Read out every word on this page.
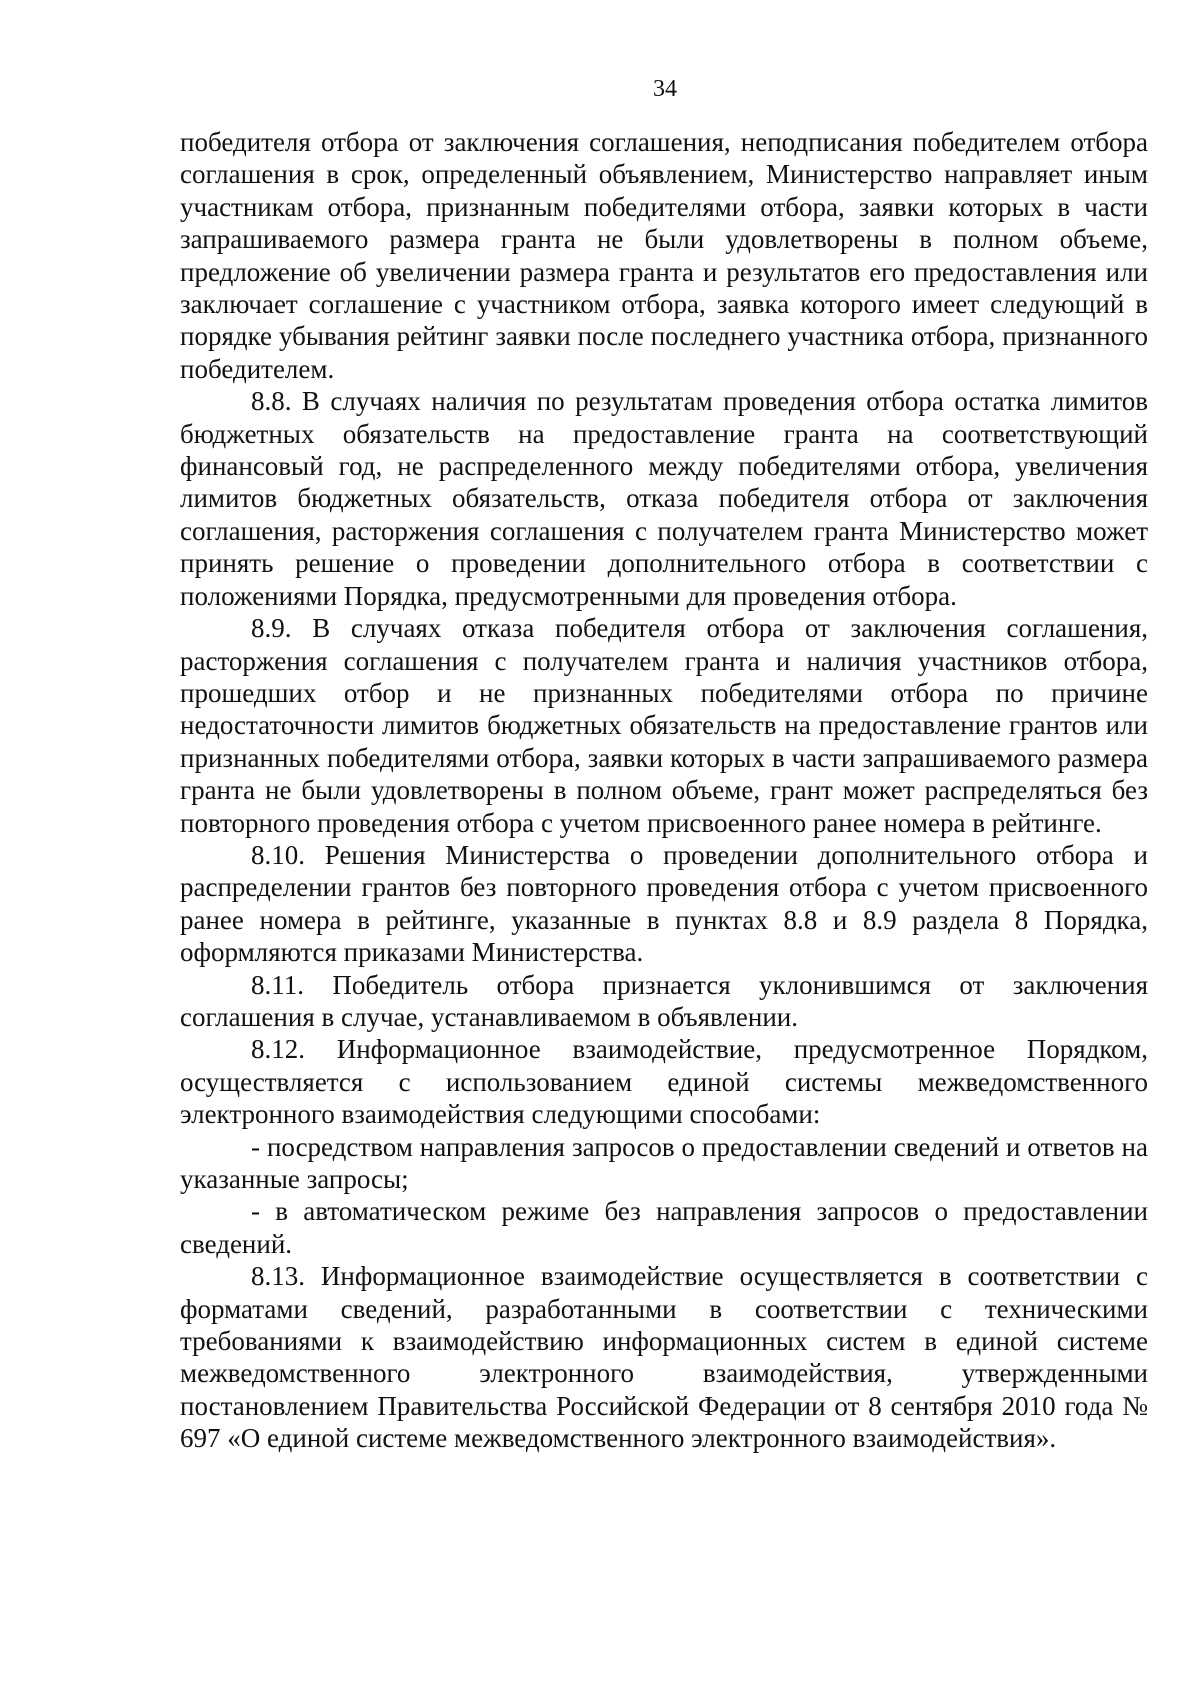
34

победителя отбора от заключения соглашения, неподписания победителем отбора соглашения в срок, определенный объявлением, Министерство направляет иным участникам отбора, признанным победителями отбора, заявки которых в части запрашиваемого размера гранта не были удовлетворены в полном объеме, предложение об увеличении размера гранта и результатов его предоставления или заключает соглашение с участником отбора, заявка которого имеет следующий в порядке убывания рейтинг заявки после последнего участника отбора, признанного победителем.

8.8. В случаях наличия по результатам проведения отбора остатка лимитов бюджетных обязательств на предоставление гранта на соответствующий финансовый год, не распределенного между победителями отбора, увеличения лимитов бюджетных обязательств, отказа победителя отбора от заключения соглашения, расторжения соглашения с получателем гранта Министерство может принять решение о проведении дополнительного отбора в соответствии с положениями Порядка, предусмотренными для проведения отбора.

8.9. В случаях отказа победителя отбора от заключения соглашения, расторжения соглашения с получателем гранта и наличия участников отбора, прошедших отбор и не признанных победителями отбора по причине недостаточности лимитов бюджетных обязательств на предоставление грантов или признанных победителями отбора, заявки которых в части запрашиваемого размера гранта не были удовлетворены в полном объеме, грант может распределяться без повторного проведения отбора с учетом присвоенного ранее номера в рейтинге.

8.10. Решения Министерства о проведении дополнительного отбора и распределении грантов без повторного проведения отбора с учетом присвоенного ранее номера в рейтинге, указанные в пунктах 8.8 и 8.9 раздела 8 Порядка, оформляются приказами Министерства.

8.11. Победитель отбора признается уклонившимся от заключения соглашения в случае, устанавливаемом в объявлении.

8.12. Информационное взаимодействие, предусмотренное Порядком, осуществляется с использованием единой системы межведомственного электронного взаимодействия следующими способами:

- посредством направления запросов о предоставлении сведений и ответов на указанные запросы;

- в автоматическом режиме без направления запросов о предоставлении сведений.

8.13. Информационное взаимодействие осуществляется в соответствии с форматами сведений, разработанными в соответствии с техническими требованиями к взаимодействию информационных систем в единой системе межведомственного электронного взаимодействия, утвержденными постановлением Правительства Российской Федерации от 8 сентября 2010 года № 697 «О единой системе межведомственного электронного взаимодействия».
